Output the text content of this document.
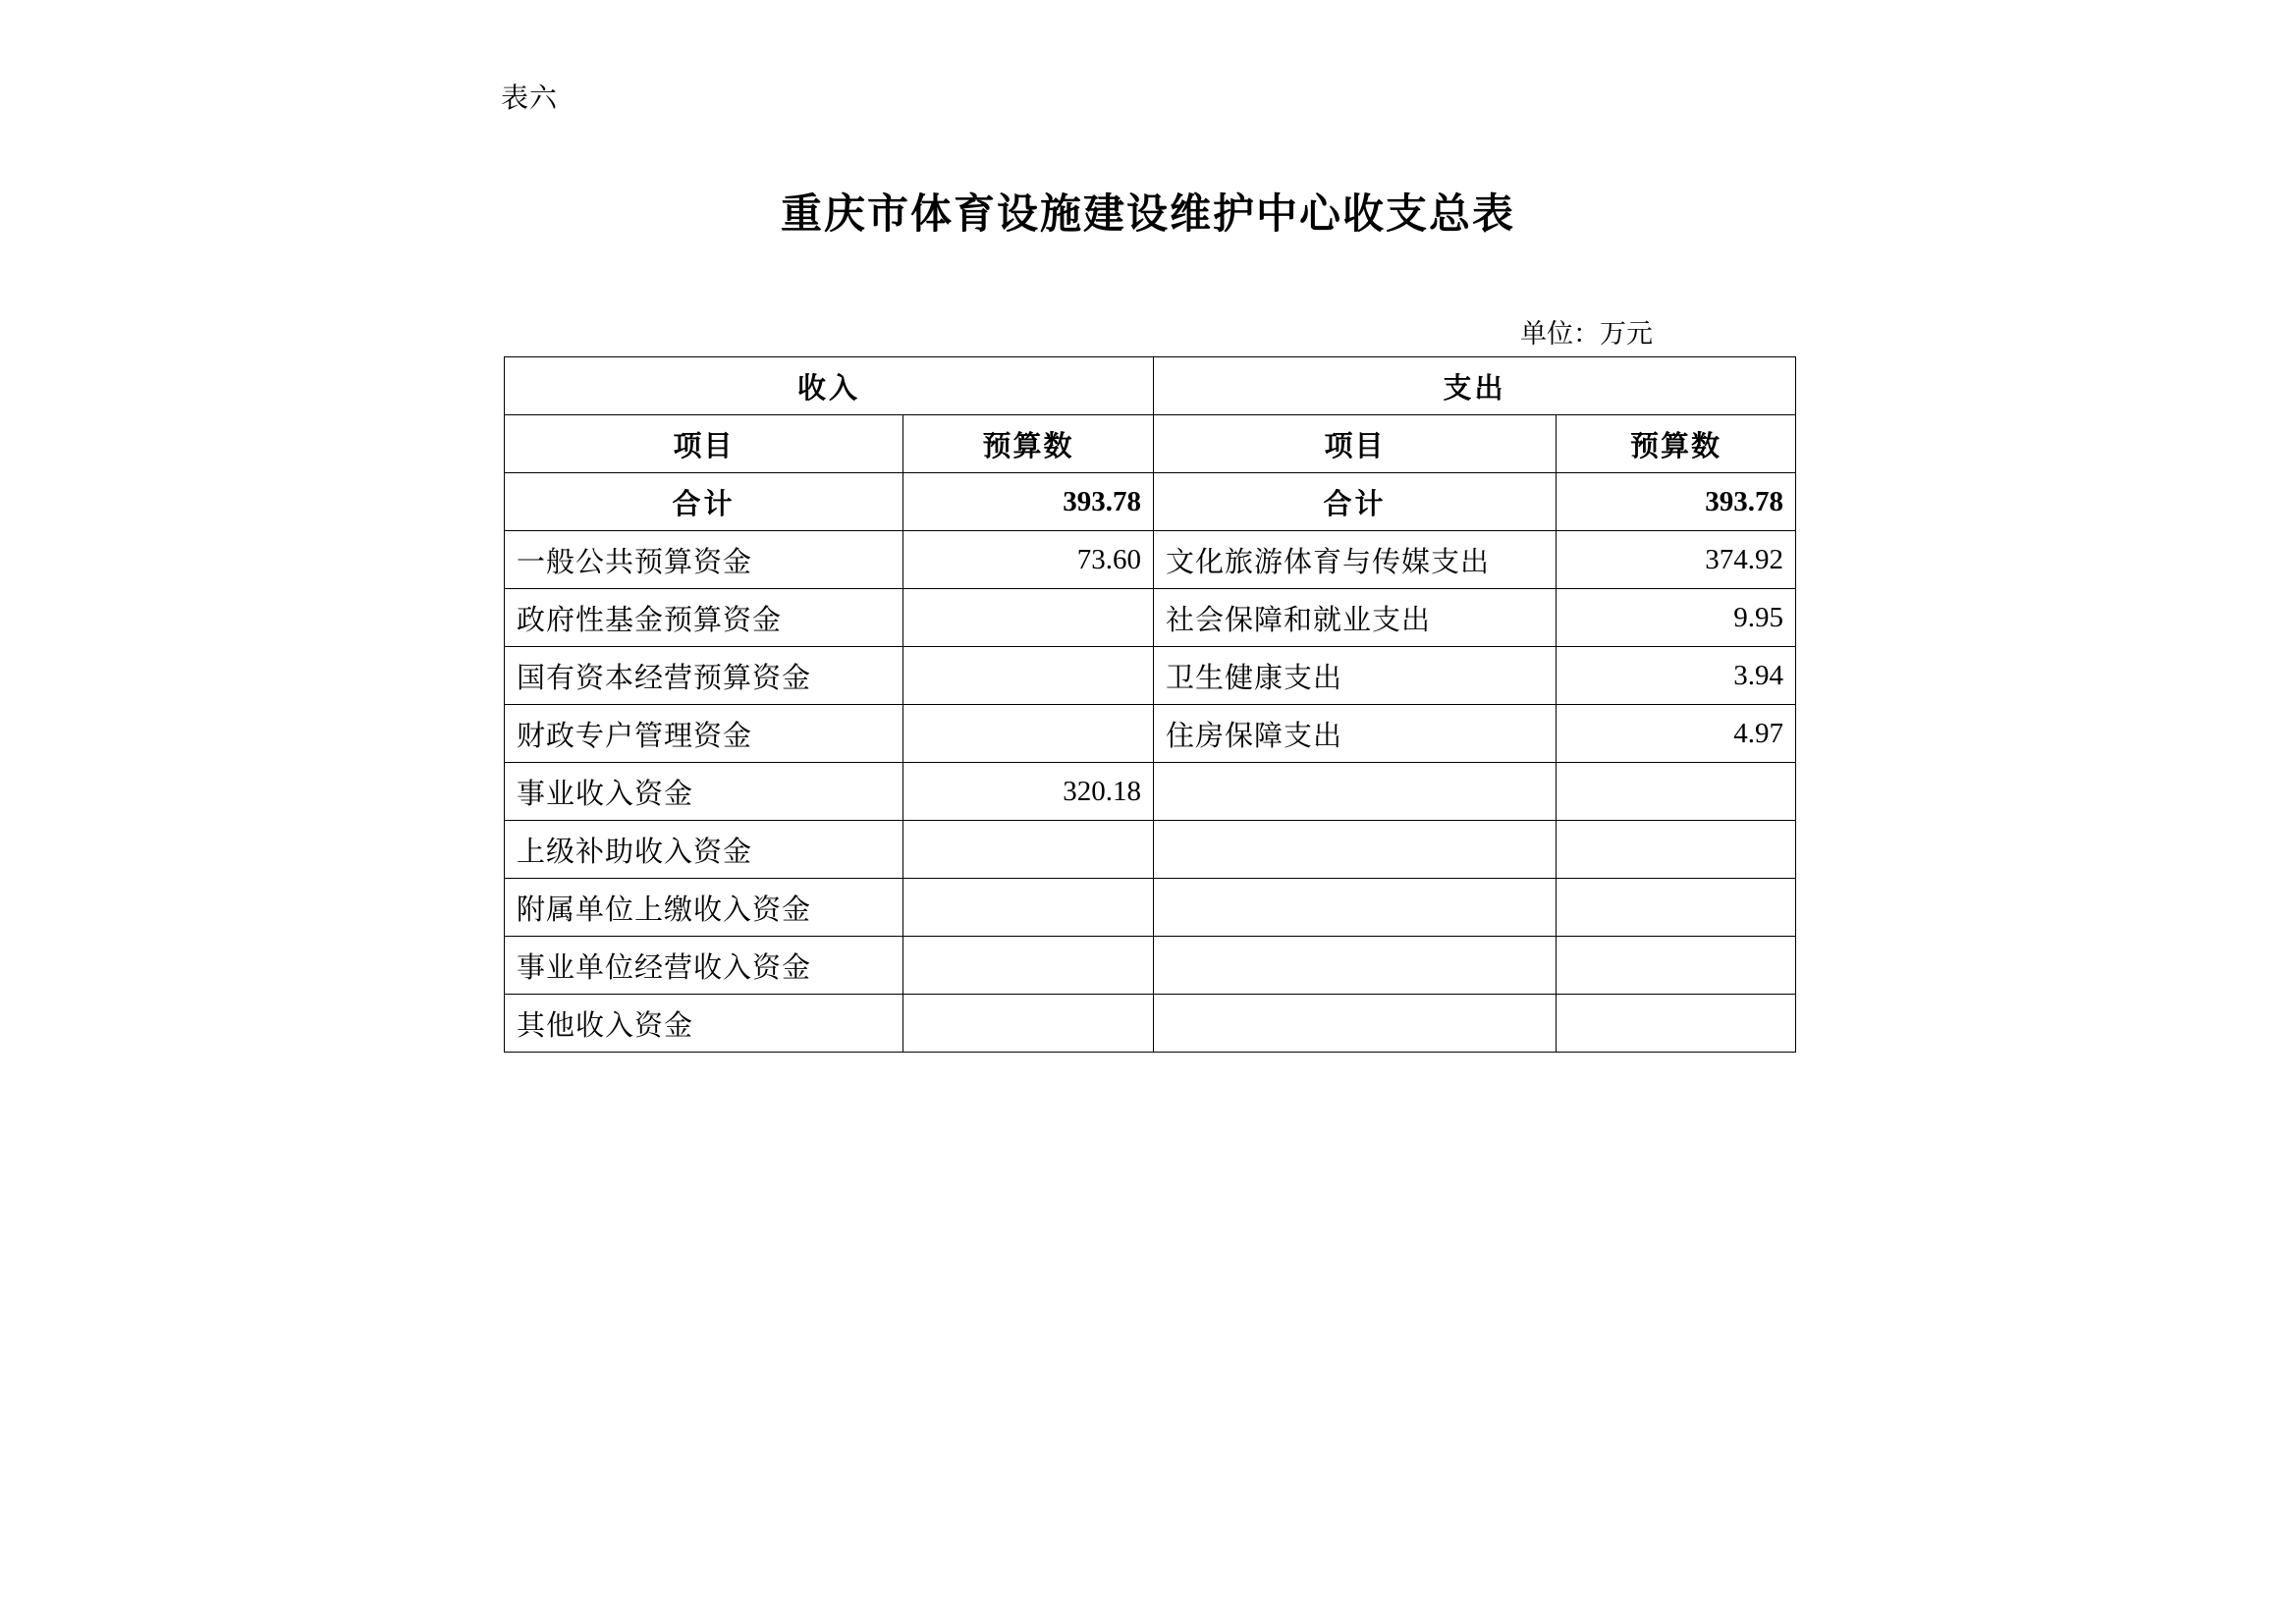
表六
重庆市体育设施建设维护中心收支总表
单位：万元
收入		支出	
项目	预算数	项目	预算数
合计	393.78	合计	393.78
一般公共预算资金	73.60	文化旅游体育与传媒支出	374.92
政府性基金预算资金		社会保障和就业支出	9.95
国有资本经营预算资金		卫生健康支出	3.94
财政专户管理资金		住房保障支出	4.97
事业收入资金	320.18		
上级补助收入资金			
附属单位上缴收入资金			
事业单位经营收入资金			
其他收入资金			
